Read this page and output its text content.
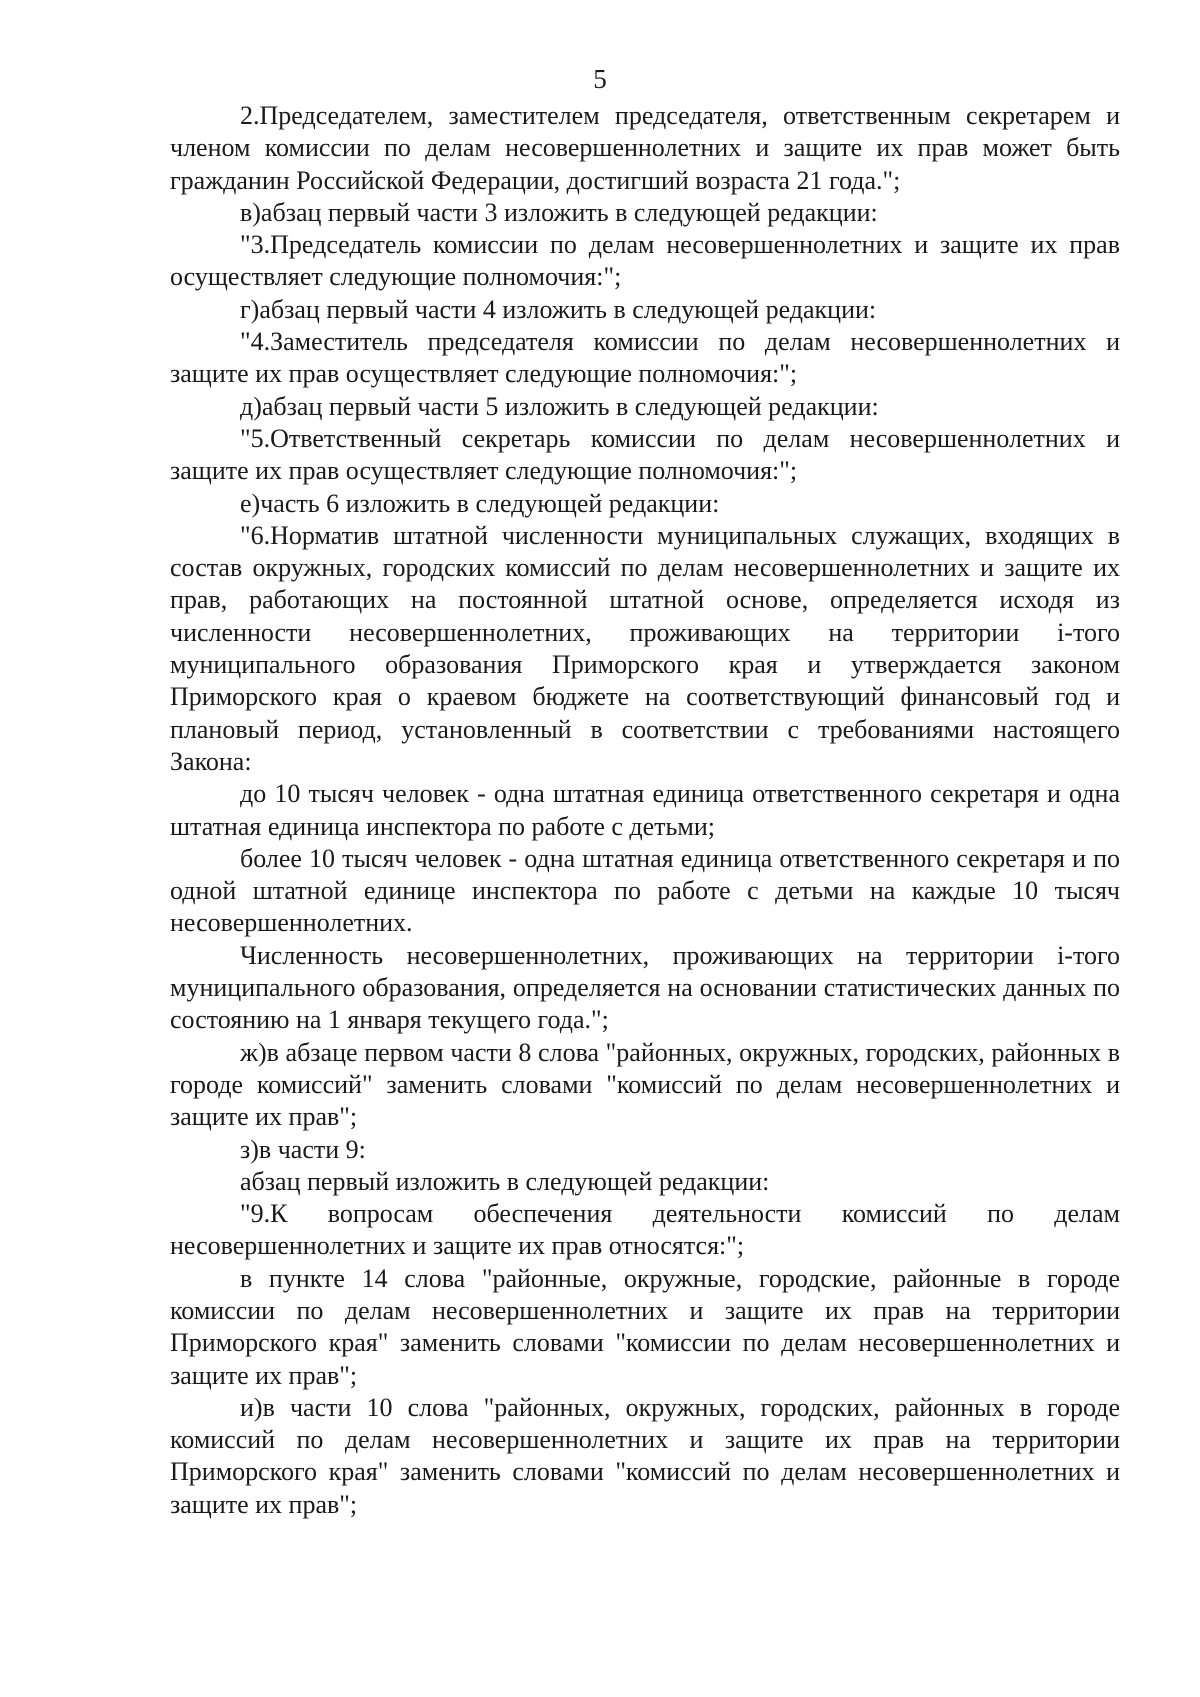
5

2.Председателем, заместителем председателя, ответственным секретарем и членом комиссии по делам несовершеннолетних и защите их прав может быть гражданин Российской Федерации, достигший возраста 21 года.";

в)абзац первый части 3 изложить в следующей редакции:

"3.Председатель комиссии по делам несовершеннолетних и защите их прав осуществляет следующие полномочия:";

г)абзац первый части 4 изложить в следующей редакции:

"4.Заместитель председателя комиссии по делам несовершеннолетних и защите их прав осуществляет следующие полномочия:";

д)абзац первый части 5 изложить в следующей редакции:

"5.Ответственный секретарь комиссии по делам несовершеннолетних и защите их прав осуществляет следующие полномочия:";

е)часть 6 изложить в следующей редакции:

"6.Норматив штатной численности муниципальных служащих, входящих в состав окружных, городских комиссий по делам несовершеннолетних и защите их прав, работающих на постоянной штатной основе, определяется исходя из численности несовершеннолетних, проживающих на территории i-того муниципального образования Приморского края и утверждается законом Приморского края о краевом бюджете на соответствующий финансовый год и плановый период, установленный в соответствии с требованиями настоящего Закона:

до 10 тысяч человек - одна штатная единица ответственного секретаря и одна штатная единица инспектора по работе с детьми;

более 10 тысяч человек - одна штатная единица ответственного секретаря и по одной штатной единице инспектора по работе с детьми на каждые 10 тысяч несовершеннолетних.

Численность несовершеннолетних, проживающих на территории i-того муниципального образования, определяется на основании статистических данных по состоянию на 1 января текущего года.";

ж)в абзаце первом части 8 слова "районных, окружных, городских, районных в городе комиссий" заменить словами "комиссий по делам несовершеннолетних и защите их прав";

з)в части 9:

абзац первый изложить в следующей редакции:

"9.К вопросам обеспечения деятельности комиссий по делам несовершеннолетних и защите их прав относятся:";

в пункте 14 слова "районные, окружные, городские, районные в городе комиссии по делам несовершеннолетних и защите их прав на территории Приморского края" заменить словами "комиссии по делам несовершеннолетних и защите их прав";

и)в части 10 слова "районных, окружных, городских, районных в городе комиссий по делам несовершеннолетних и защите их прав на территории Приморского края" заменить словами "комиссий по делам несовершеннолетних и защите их прав";
